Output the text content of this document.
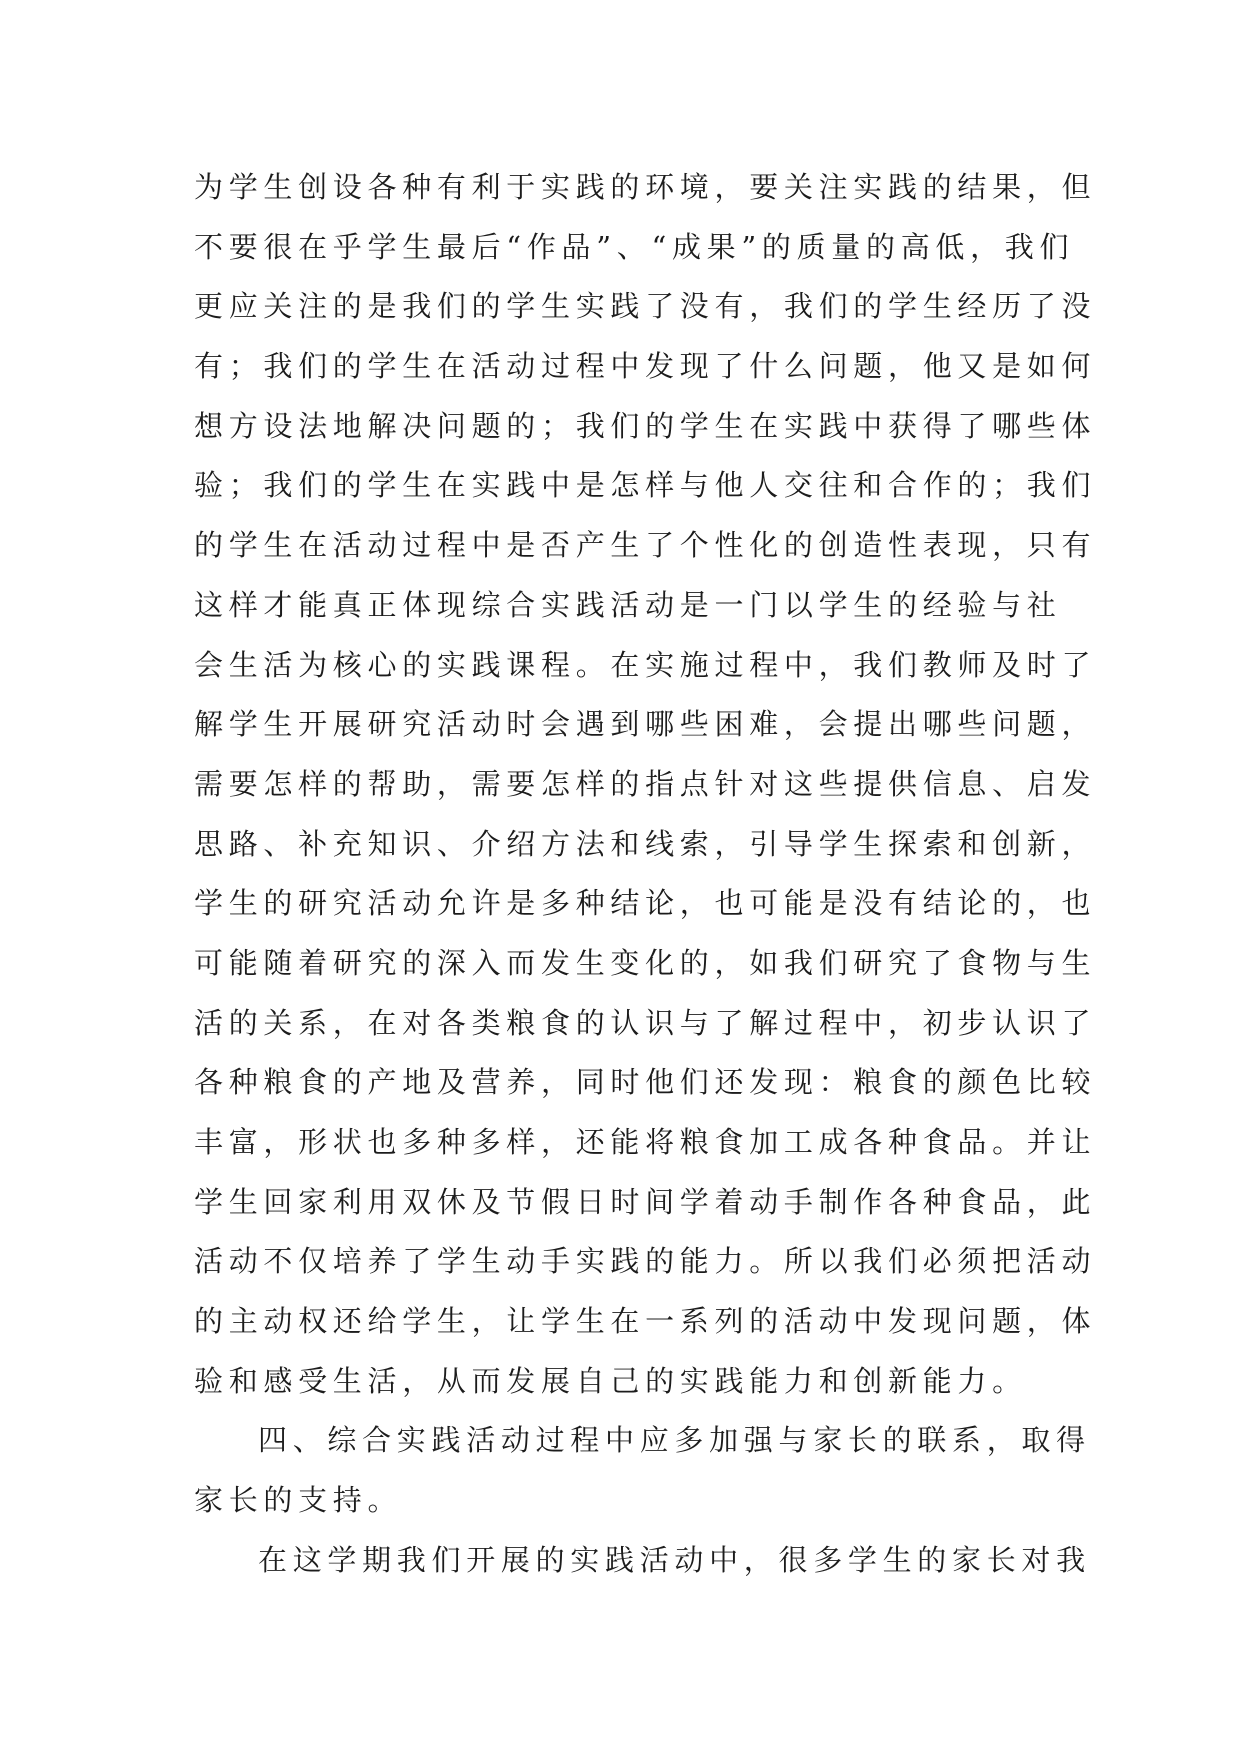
为学生创设各种有利于实践的环境，要关注实践的结果，但
不要很在乎学生最后“作品”、“成果”的质量的高低，我们
更应关注的是我们的学生实践了没有，我们的学生经历了没
有；我们的学生在活动过程中发现了什么问题，他又是如何
想方设法地解决问题的；我们的学生在实践中获得了哪些体
验；我们的学生在实践中是怎样与他人交往和合作的；我们
的学生在活动过程中是否产生了个性化的创造性表现，只有
这样才能真正体现综合实践活动是一门以学生的经验与社
会生活为核心的实践课程。在实施过程中，我们教师及时了
解学生开展研究活动时会遇到哪些困难，会提出哪些问题，
需要怎样的帮助，需要怎样的指点针对这些提供信息、启发
思路、补充知识、介绍方法和线索，引导学生探索和创新，
学生的研究活动允许是多种结论，也可能是没有结论的，也
可能随着研究的深入而发生变化的，如我们研究了食物与生
活的关系，在对各类粮食的认识与了解过程中，初步认识了
各种粮食的产地及营养，同时他们还发现：粮食的颜色比较
丰富，形状也多种多样，还能将粮食加工成各种食品。并让
学生回家利用双休及节假日时间学着动手制作各种食品，此
活动不仅培养了学生动手实践的能力。所以我们必须把活动
的主动权还给学生，让学生在一系列的活动中发现问题，体
验和感受生活，从而发展自己的实践能力和创新能力。
四、综合实践活动过程中应多加强与家长的联系，取得
家长的支持。
在这学期我们开展的实践活动中，很多学生的家长对我
